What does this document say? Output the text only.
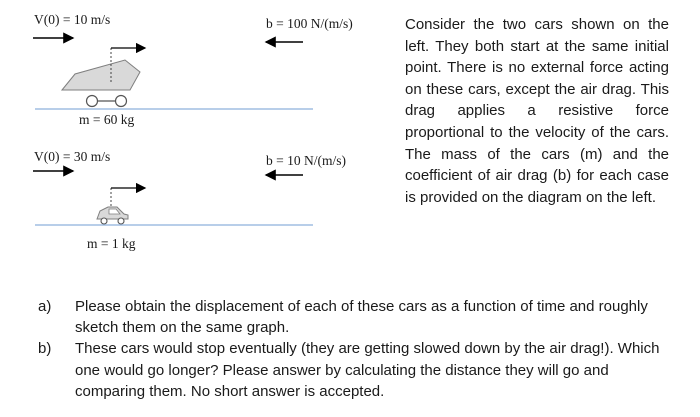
V(0) = 10 m/s	b = 100 N/(m/s)
m = 60 kg
V(0) = 30 m/s	b = 10 N/(m/s)
m = 1 kg
Consider the two cars shown on the left. They both start at the same initial point. There is no external force acting on these cars, except the air drag. This drag applies a resistive force proportional to the velocity of the cars. The mass of the cars (m) and the coefficient of air drag (b) for each case is provided on the diagram on the left.
a)	Please obtain the displacement of each of these cars as a function of time and roughly sketch them on the same graph.
b)	These cars would stop eventually (they are getting slowed down by the air drag!). Which one would go longer? Please answer by calculating the distance they will go and comparing them. No short answer is accepted.
